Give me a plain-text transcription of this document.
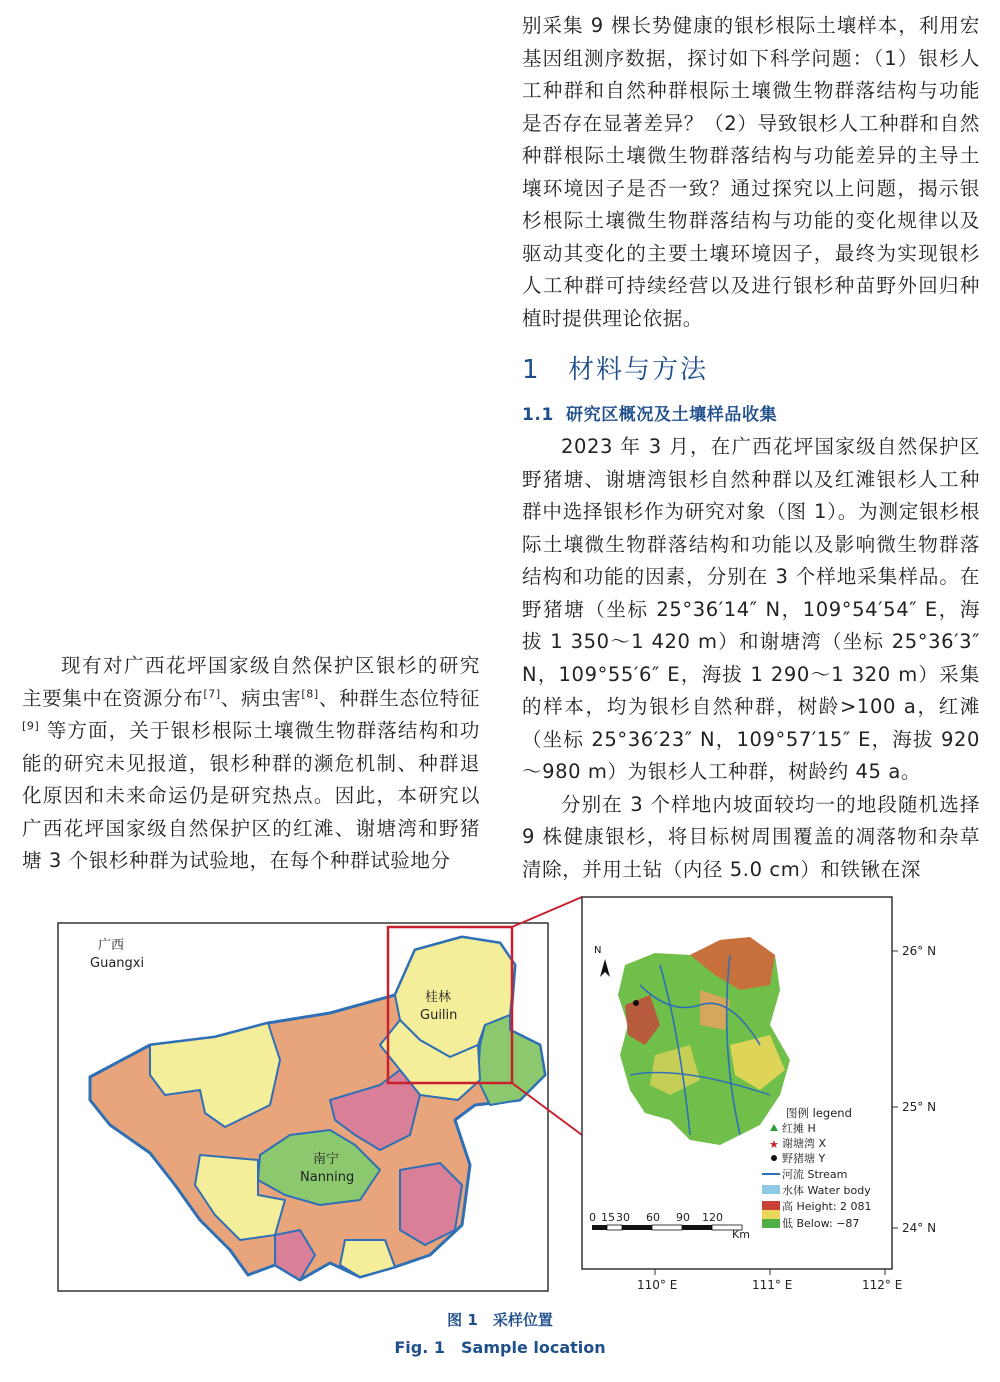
别采集 9 棵长势健康的银杉根际土壤样本，利用宏基因组测序数据，探讨如下科学问题：（1）银杉人工种群和自然种群根际土壤微生物群落结构与功能是否存在显著差异？（2）导致银杉人工种群和自然种群根际土壤微生物群落结构与功能差异的主导土壤环境因子是否一致？通过探究以上问题，揭示银杉根际土壤微生物群落结构与功能的变化规律以及驱动其变化的主要土壤环境因子，最终为实现银杉人工种群可持续经营以及进行银杉种苗野外回归种植时提供理论依据。

1 材料与方法
1.1 研究区概况及土壤样品收集

2023 年 3 月，在广西花坪国家级自然保护区野猪塘、谢塘湾银杉自然种群以及红滩银杉人工种群中选择银杉作为研究对象（图 1）。为测定银杉根际土壤微生物群落结构和功能以及影响微生物群落结构和功能的因素，分别在 3 个样地采集样品。在野猪塘（坐标 25°36′14″ N，109°54′54″ E，海拔 1 350～1 420 m）和谢塘湾（坐标 25°36′3″ N，109°55′6″ E，海拔 1 290～1 320 m）采集的样本，均为银杉自然种群，树龄>100 a，红滩（坐标 25°36′23″ N，109°57′15″ E，海拔 920～980 m）为银杉人工种群，树龄约 45 a。

分别在 3 个样地内坡面较均一的地段随机选择 9 株健康银杉，将目标树周围覆盖的凋落物和杂草清除，并用土钻（内径 5.0 cm）和铁锹在深

现有对广西花坪国家级自然保护区银杉的研究主要集中在资源分布[7]、病虫害[8]、种群生态位特征[9] 等方面，关于银杉根际土壤微生物群落结构和功能的研究未见报道，银杉种群的濒危机制、种群退化原因和未来命运仍是研究热点。因此，本研究以广西花坪国家级自然保护区的红滩、谢塘湾和野猪塘 3 个银杉种群为试验地，在每个种群试验地分

广西
Guangxi
桂林
Guilin
南宁
Nanning
N	26° N
25° N
24° N
110° E	111° E	112° E
0 15 30 60 90 120
Km
图例 legend
红摊 H
★ 谢塘湾 X
野猪塘 Y
河流 Stream
水体 Water body
高 Height: 2 081
低 Below: −87
图 1　采样位置
Fig. 1　Sample location
